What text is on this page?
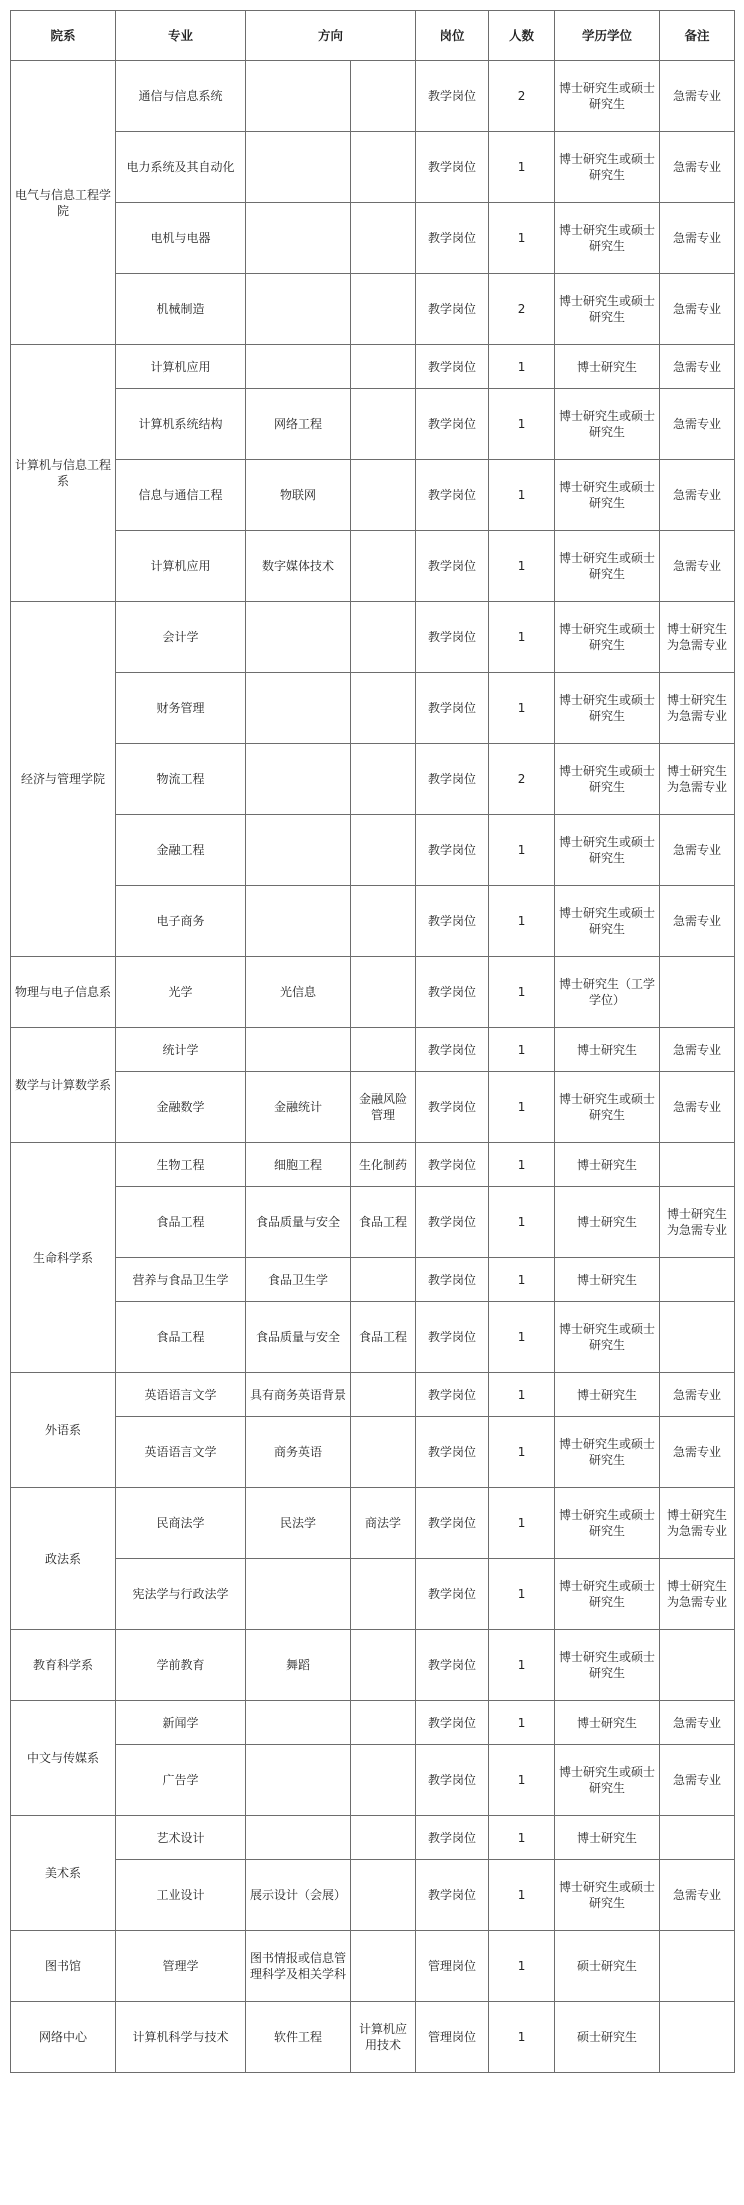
院系	专业	方向		岗位	人数	学历学位	备注
电气与信息工程学院	通信与信息系统			教学岗位	2	博士研究生或硕士研究生	急需专业
	电力系统及其自动化			教学岗位	1	博士研究生或硕士研究生	急需专业
	电机与电器			教学岗位	1	博士研究生或硕士研究生	急需专业
	机械制造			教学岗位	2	博士研究生或硕士研究生	急需专业
计算机与信息工程系	计算机应用			教学岗位	1	博士研究生	急需专业
	计算机系统结构	网络工程		教学岗位	1	博士研究生或硕士研究生	急需专业
	信息与通信工程	物联网		教学岗位	1	博士研究生或硕士研究生	急需专业
	计算机应用	数字媒体技术		教学岗位	1	博士研究生或硕士研究生	急需专业
经济与管理学院	会计学			教学岗位	1	博士研究生或硕士研究生	博士研究生为急需专业
	财务管理			教学岗位	1	博士研究生或硕士研究生	博士研究生为急需专业
	物流工程			教学岗位	2	博士研究生或硕士研究生	博士研究生为急需专业
	金融工程			教学岗位	1	博士研究生或硕士研究生	急需专业
	电子商务			教学岗位	1	博士研究生或硕士研究生	急需专业
物理与电子信息系	光学	光信息		教学岗位	1	博士研究生（工学学位）	
数学与计算数学系	统计学			教学岗位	1	博士研究生	急需专业
	金融数学	金融统计	金融风险管理	教学岗位	1	博士研究生或硕士研究生	急需专业
生命科学系	生物工程	细胞工程	生化制药	教学岗位	1	博士研究生	
	食品工程	食品质量与安全	食品工程	教学岗位	1	博士研究生	博士研究生为急需专业
	营养与食品卫生学	食品卫生学		教学岗位	1	博士研究生	
	食品工程	食品质量与安全	食品工程	教学岗位	1	博士研究生或硕士研究生	
外语系	英语语言文学	具有商务英语背景		教学岗位	1	博士研究生	急需专业
	英语语言文学	商务英语		教学岗位	1	博士研究生或硕士研究生	急需专业
政法系	民商法学	民法学	商法学	教学岗位	1	博士研究生或硕士研究生	博士研究生为急需专业
	宪法学与行政法学			教学岗位	1	博士研究生或硕士研究生	博士研究生为急需专业
教育科学系	学前教育	舞蹈		教学岗位	1	博士研究生或硕士研究生	
中文与传媒系	新闻学			教学岗位	1	博士研究生	急需专业
	广告学			教学岗位	1	博士研究生或硕士研究生	急需专业
美术系	艺术设计			教学岗位	1	博士研究生	
	工业设计	展示设计（会展）		教学岗位	1	博士研究生或硕士研究生	急需专业
图书馆	管理学	图书情报或信息管理科学及相关学科		管理岗位	1	硕士研究生	
网络中心	计算机科学与技术	软件工程	计算机应用技术	管理岗位	1	硕士研究生	
